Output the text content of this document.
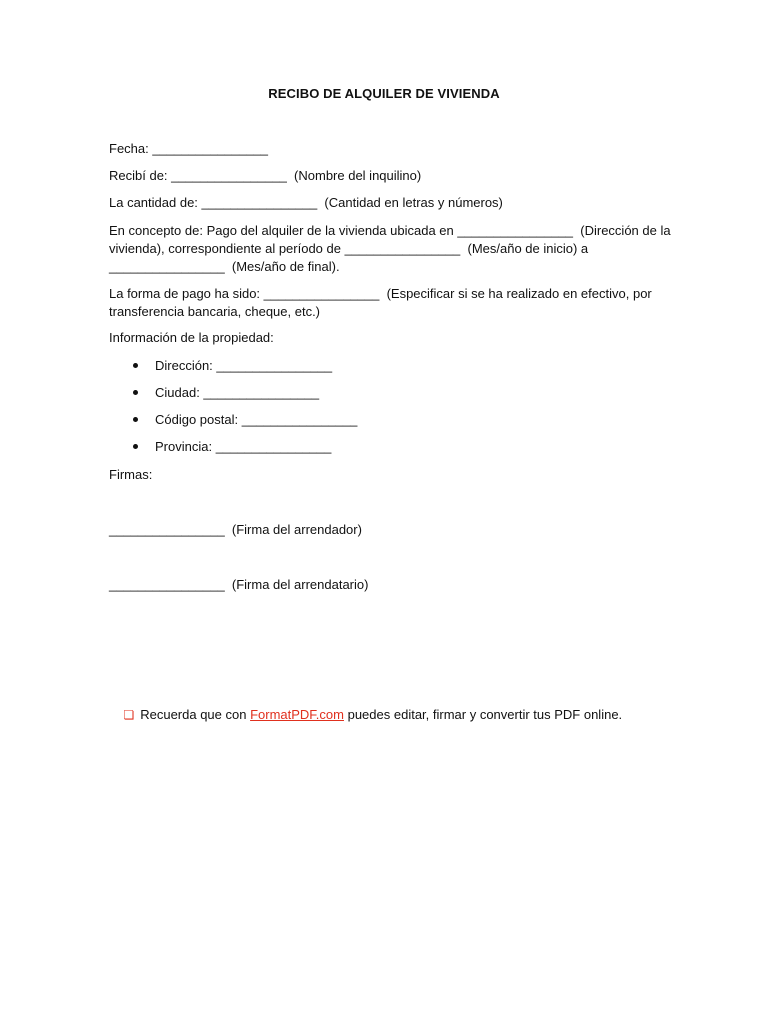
RECIBO DE ALQUILER DE VIVIENDA
Fecha: ________________
Recibí de: ________________  (Nombre del inquilino)
La cantidad de: ________________  (Cantidad en letras y números)
En concepto de: Pago del alquiler de la vivienda ubicada en ________________  (Dirección de la
vivienda), correspondiente al período de ________________  (Mes/año de inicio) a
________________  (Mes/año de final).
La forma de pago ha sido: ________________  (Especificar si se ha realizado en efectivo, por
transferencia bancaria, cheque, etc.)
Información de la propiedad:
Dirección: ________________
Ciudad: ________________
Código postal: ________________
Provincia: ________________
Firmas:
________________  (Firma del arrendador)
________________  (Firma del arrendatario)

❏ Recuerda que con FormatPDF.com puedes editar, firmar y convertir tus PDF online.
